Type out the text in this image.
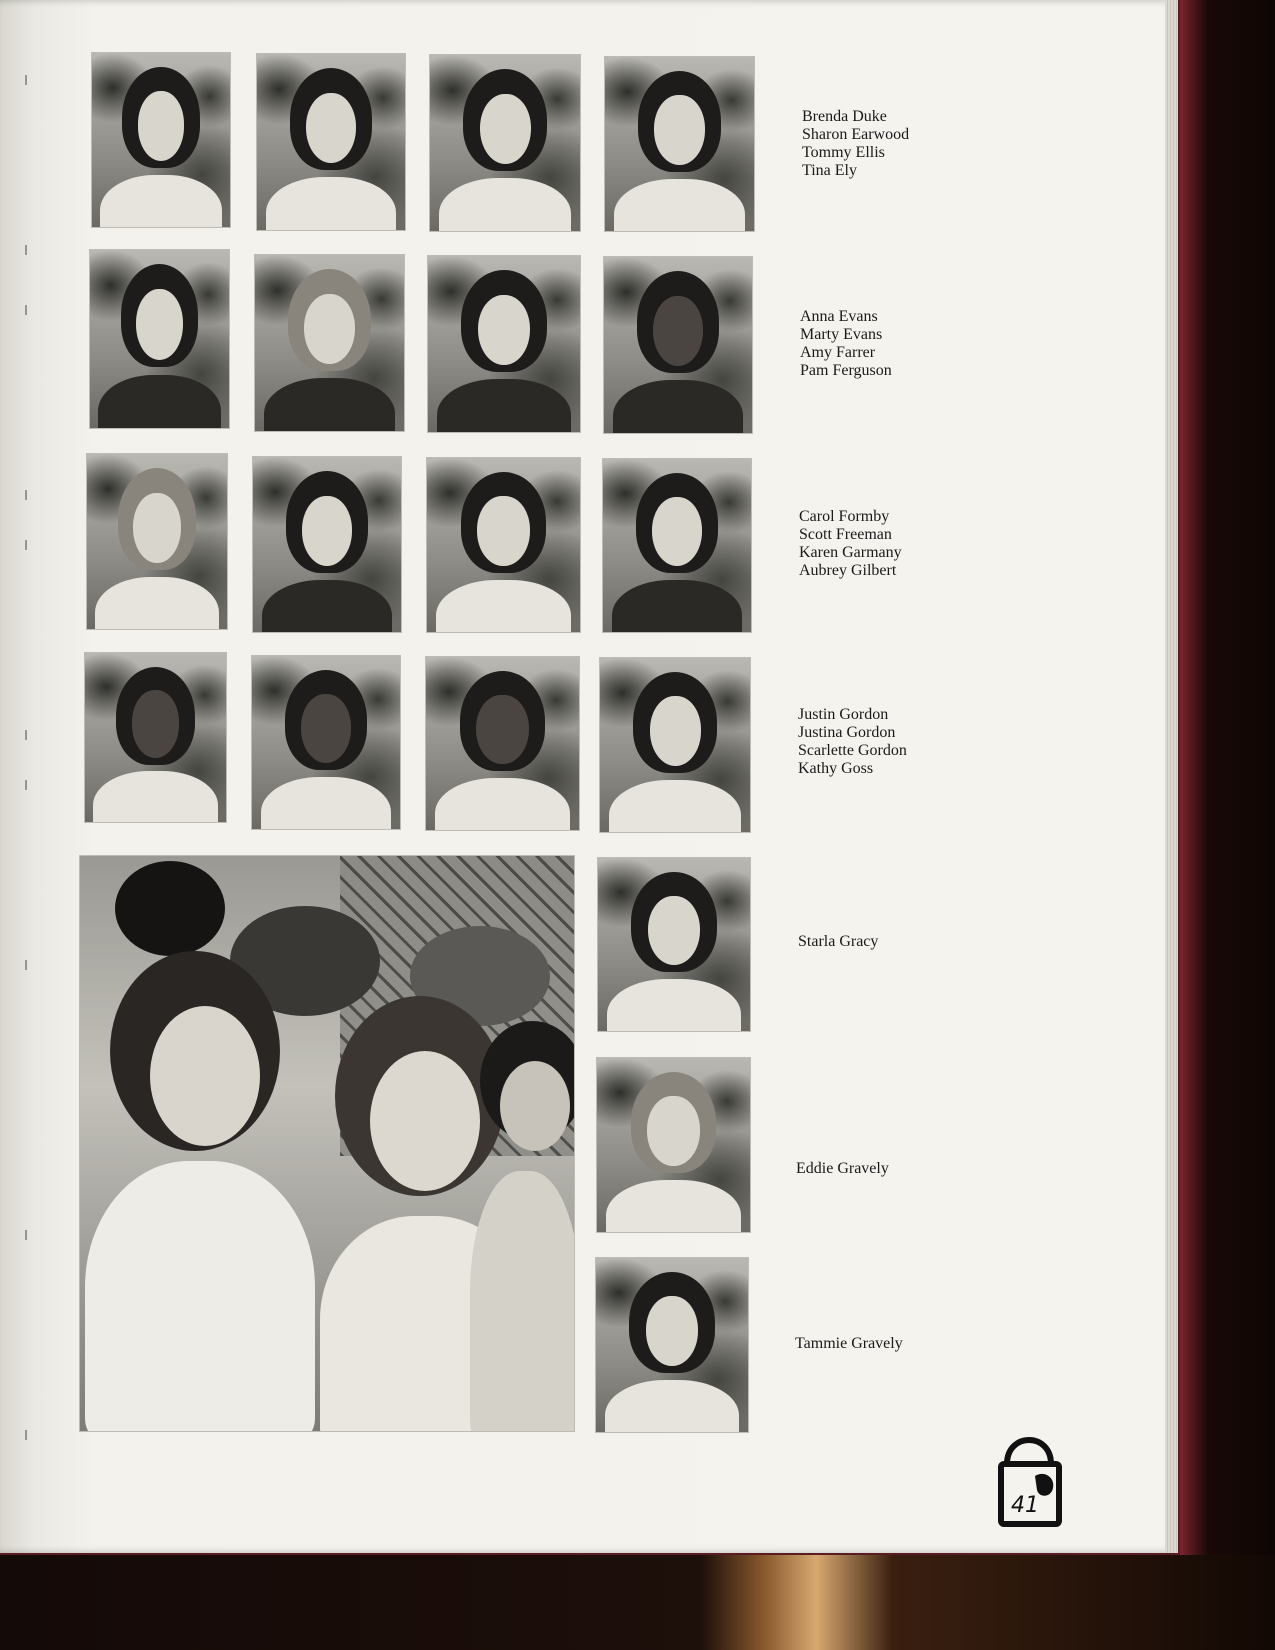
Brenda Duke
Sharon Earwood
Tommy Ellis
Tina Ely
Anna Evans
Marty Evans
Amy Farrer
Pam Ferguson
Carol Formby
Scott Freeman
Karen Garmany
Aubrey Gilbert
Justin Gordon
Justina Gordon
Scarlette Gordon
Kathy Goss
Starla Gracy
Eddie Gravely
Tammie Gravely
41
